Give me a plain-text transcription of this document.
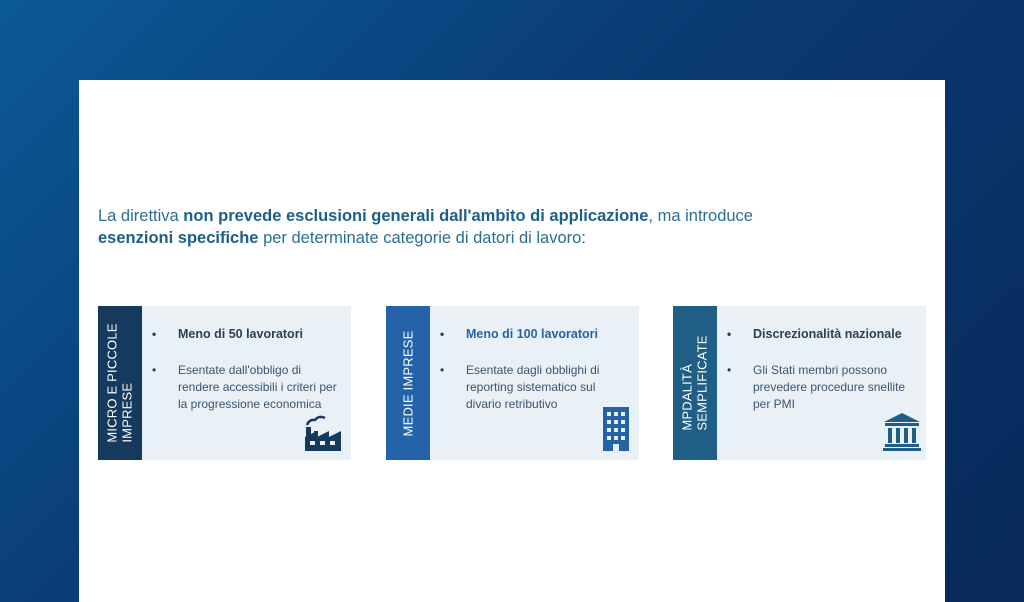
La direttiva non prevede esclusioni generali dall'ambito di applicazione, ma introduce esenzioni specifiche per determinate categorie di datori di lavoro:

MICRO E PICCOLE IMPRESE
• Meno di 50 lavoratori
• Esentate dall'obbligo di rendere accessibili i criteri per la progressione economica	MEDIE IMPRESE • Meno di 100 lavoratori
• Esentate dagli obblighi di reporting sistematico sul divario retributivo	MPDALITÀ SEMPLIFICATE
• Discrezionalità nazionale
• Gli Stati membri possono prevedere procedure snellite per PMI
